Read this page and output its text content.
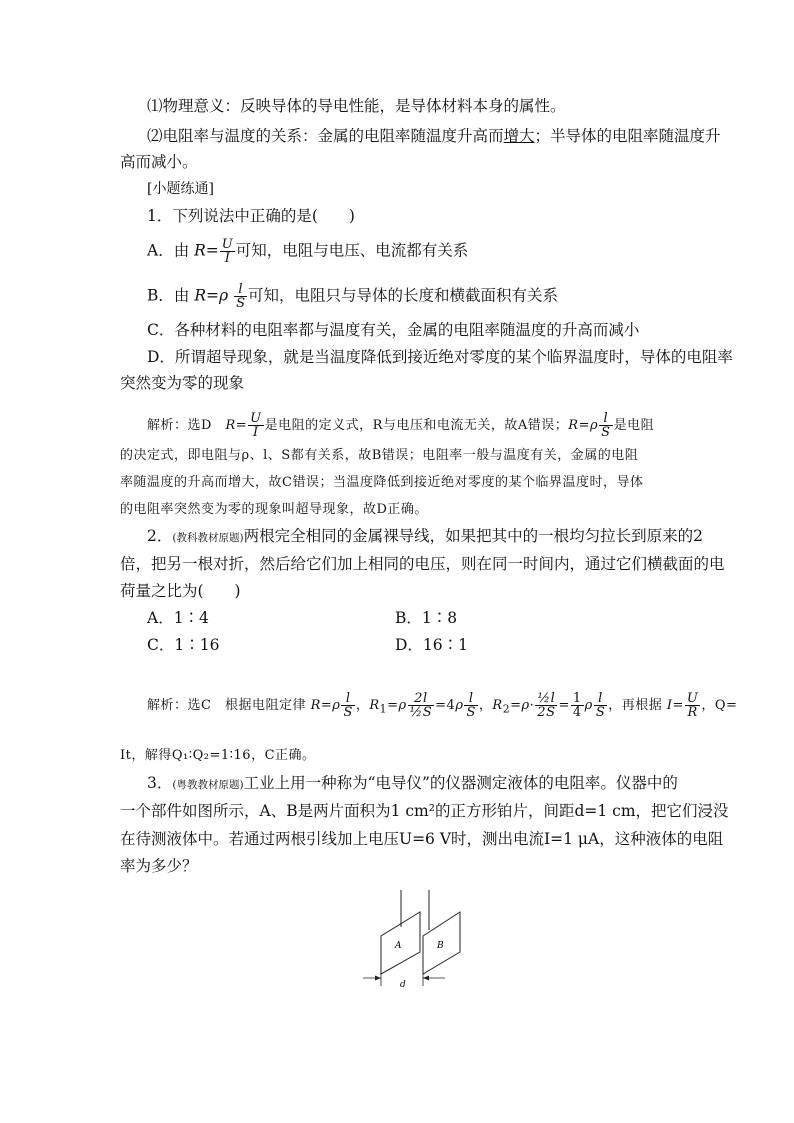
⑴物理意义：反映导体的导电性能，是导体材料本身的属性。
⑵电阻率与温度的关系：金属的电阻率随温度升高而增大；半导体的电阻率随温度升
高而减小。
[小题练通]
1．下列说法中正确的是(　　)
A．由 $R= \frac{U}{I}$ 可知，电阻与电压、电流都有关系
B．由 $R=\rho \frac{l}{S}$ 可知，电阻只与导体的长度和横截面积有关系
C．各种材料的电阻率都与温度有关，金属的电阻率随温度的升高而减小
D．所谓超导现象，就是当温度降低到接近绝对零度的某个临界温度时，导体的电阻率
突然变为零的现象
解析：选D　$R= \frac{U}{I}$ 是电阻的定义式，R与电压和电流无关，故A错误；$R=\rho \frac{l}{S}$ 是电阻
的决定式，即电阻与ρ、l、S都有关系，故B错误；电阻率一般与温度有关，金属的电阻
率随温度的升高而增大，故C错误；当温度降低到接近绝对零度的某个临界温度时，导体
的电阻率突然变为零的现象叫超导现象，故D正确。
2．(教科教材原题)两根完全相同的金属裸导线，如果把其中的一根均匀拉长到原来的2
倍，把另一根对折，然后给它们加上相同的电压，则在同一时间内，通过它们横截面的电
荷量之比为(　　)
A．1∶4	B．1∶8
C．1∶16	D．16∶1
解析：选C　根据电阻定律 $R=\rho \frac{l}{S}$ ，$R_1=\rho \frac{2l}{\text{½S}} =4\rho \frac{l}{S}$ ，$R_2=\rho\cdot \frac{\text{½l}}{2S} = \frac{1}{4}$ ρ $\frac{l}{S}$ ，再根据 $I= \frac{U}{R}$ ，Q=
It，解得Q₁∶Q₂=1∶16，C正确。
3．(粤教教材原题)工业上用一种称为“电导仪”的仪器测定液体的电阻率。仪器中的
一个部件如图所示，A、B是两片面积为1 cm²的正方形铂片，间距d=1 cm，把它们浸没
在待测液体中。若通过两根引线加上电压U=6 V时，测出电流I=1 μA，这种液体的电阻
率为多少？
A	B
d
